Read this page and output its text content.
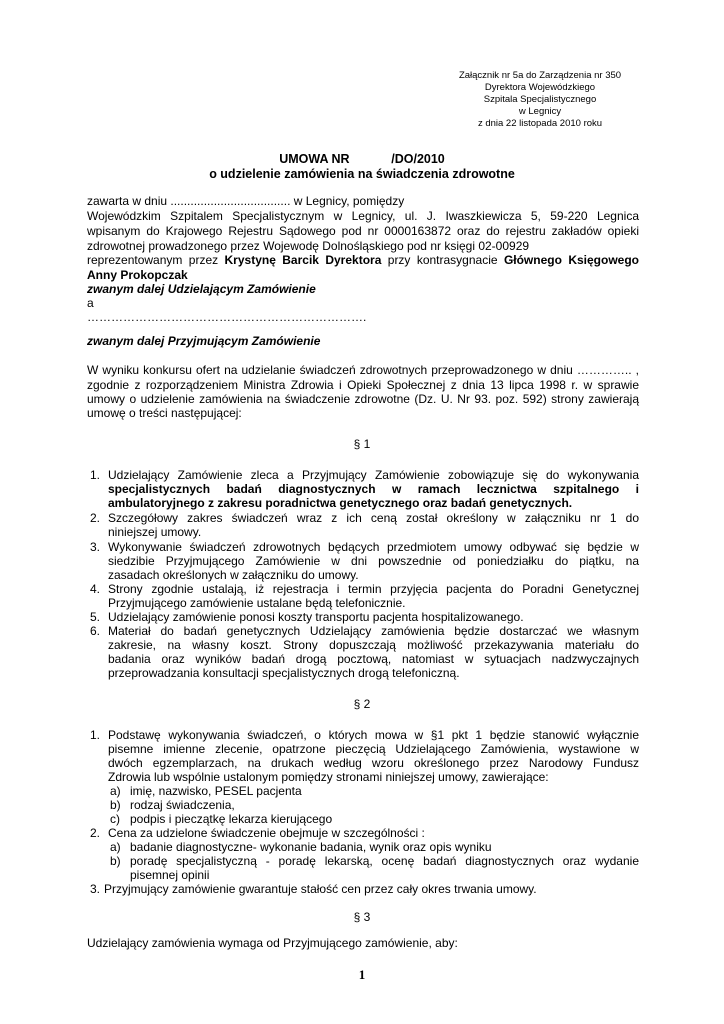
Załącznik nr 5a do Zarządzenia nr 350
Dyrektora Wojewódzkiego
Szpitala Specjalistycznego
w Legnicy
z dnia 22 listopada 2010 roku
UMOWA NR            /DO/2010
o udzielenie zamówienia na świadczenia zdrowotne
zawarta w dniu .................................... w Legnicy, pomiędzy
Wojewódzkim Szpitalem Specjalistycznym w Legnicy, ul. J. Iwaszkiewicza 5, 59-220 Legnica
wpisanym do Krajowego Rejestru Sądowego pod nr 0000163872 oraz do rejestru zakładów opieki
zdrowotnej prowadzonego przez Wojewodę Dolnośląskiego pod nr księgi 02-00929
reprezentowanym przez Krystynę Barcik Dyrektora przy kontrasygnacie Głównego Księgowego
Anny Prokopczak
zwanym dalej Udzielającym Zamówienie
a
…………………………………………………………….
zwanym dalej Przyjmującym Zamówienie
W wyniku konkursu ofert na udzielanie świadczeń zdrowotnych przeprowadzonego w dniu ………….. ,
zgodnie z rozporządzeniem Ministra Zdrowia i Opieki Społecznej z dnia 13 lipca 1998 r. w sprawie
umowy o udzielenie zamówienia na świadczenie zdrowotne (Dz. U. Nr 93. poz. 592) strony zawierają
umowę o treści następującej:
§ 1
1. Udzielający Zamówienie zleca a Przyjmujący Zamówienie zobowiązuje się do wykonywania
specjalistycznych badań diagnostycznych w ramach lecznictwa szpitalnego i
ambulatoryjnego z zakresu poradnictwa genetycznego oraz badań genetycznych.
2. Szczegółowy zakres świadczeń wraz z ich ceną został określony w załączniku nr 1 do
niniejszej umowy.
3. Wykonywanie świadczeń zdrowotnych będących przedmiotem umowy odbywać się będzie w
siedzibie Przyjmującego Zamówienie w dni powszednie od poniedziałku do piątku, na
zasadach określonych w załączniku do umowy.
4. Strony zgodnie ustalają, iż rejestracja i termin przyjęcia pacjenta do Poradni Genetycznej
Przyjmującego zamówienie ustalane będą telefonicznie.
5. Udzielający zamówienie ponosi koszty transportu pacjenta hospitalizowanego.
6. Materiał do badań genetycznych Udzielający zamówienia będzie dostarczać we własnym
zakresie, na własny koszt. Strony dopuszczają możliwość przekazywania materiału do
badania oraz wyników badań drogą pocztową, natomiast w sytuacjach nadzwyczajnych
przeprowadzania konsultacji specjalistycznych drogą telefoniczną.
§ 2
1. Podstawę wykonywania świadczeń, o których mowa w §1 pkt 1 będzie stanowić wyłącznie
pisemne imienne zlecenie, opatrzone pieczęcią Udzielającego Zamówienia, wystawione w
dwóch egzemplarzach, na drukach według wzoru określonego przez Narodowy Fundusz
Zdrowia lub wspólnie ustalonym pomiędzy stronami niniejszej umowy, zawierające:
a) imię, nazwisko, PESEL pacjenta
b) rodzaj świadczenia,
c) podpis i pieczątkę lekarza kierującego
2. Cena za udzielone świadczenie obejmuje w szczególności :
a) badanie diagnostyczne- wykonanie badania, wynik oraz opis wyniku
b) poradę specjalistyczną - poradę lekarską, ocenę badań diagnostycznych oraz wydanie
pisemnej opinii
3. Przyjmujący zamówienie gwarantuje stałość cen przez cały okres trwania umowy.
§ 3
Udzielający zamówienia wymaga od Przyjmującego zamówienie, aby:
1
